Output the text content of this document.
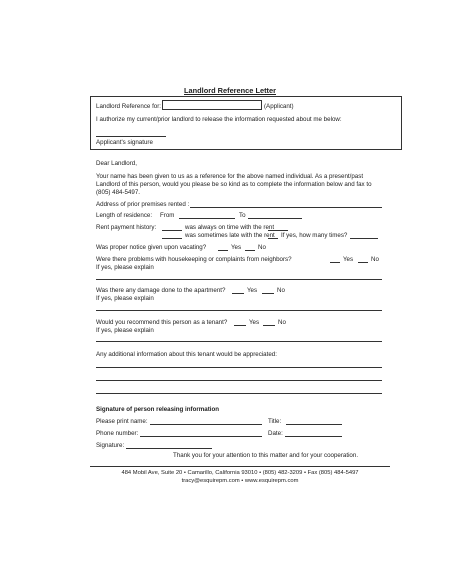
Landlord Reference Letter
Landlord Reference for:	(Applicant)
I authorize my current/prior landlord to release the information requested about me below:
Applicant's signature
Dear Landlord,
Your name has been given to us as a reference for the above named individual. As a present/past
Landlord of this person, would you please be so kind as to complete the information below and fax to
(805) 484-5497.
Address of prior premises rented :
Length of residence: From	To
Rent payment history:	was always on time with the rent
was sometimes late with the rent If yes, how many times?
Was proper notice given upon vacating?	Yes	No
Were there problems with housekeeping or complaints from neighbors?	Yes	No
If yes, please explain
Was there any damage done to the apartment?	Yes	No
If yes, please explain
Would you recommend this person as a tenant?	Yes	No
If yes, please explain
Any additional information about this tenant would be appreciated:
Signature of person releasing information
Please print name:	Title:
Phone number:	Date:
Signature:
Thank you for your attention to this matter and for your cooperation.
484 Mobil Ave, Suite 20 • Camarillo, California 93010 • (805) 482-3209 • Fax (805) 484-5497
tracy@esquirepm.com • www.esquirepm.com
